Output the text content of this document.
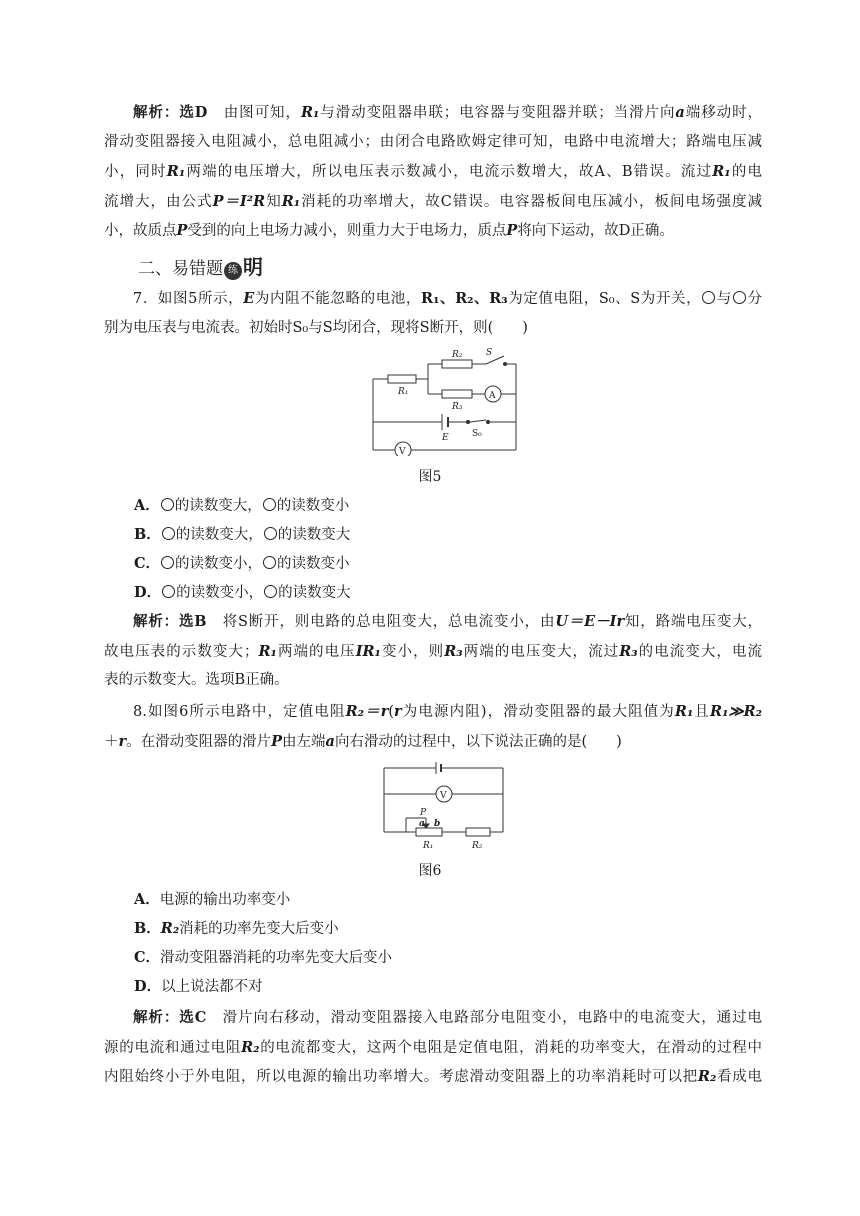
解析：选D　 由图可知，R₁与滑动变阻器串联；电容器与变阻器并联；当滑片向a端移动时，
滑动变阻器接入电阻减小，总电阻减小；由闭合电路欧姆定律可知，电路中电流增大；路端电压减
小，同时R₁两端的电压增大，所以电压表示数减小，电流示数增大，故A、B错误。流过R₁的电
流增大，由公式P＝I²R知R₁消耗的功率增大，故C错误。电容器板间电压减小，板间电场强度减
小，故质点P受到的向上电场力减小，则重力大于电场力，质点P将向下运动，故D正确。
二、易错题 练 明
7．如图5所示，E为内阻不能忽略的电池，R₁、R₂、R₃为定值电阻，S₀、S为开关， 与 分
别为电压表与电流表。初始时S₀与S均闭合，现将S断开，则(　　)
R₂	S
R₁	A
R₃
E	S₀
V
图5
A． 的读数变大， 的读数变小
B． 的读数变大， 的读数变大
C． 的读数变小， 的读数变小
D． 的读数变小， 的读数变大
解析：选B　 将S断开，则电路的总电阻变大，总电流变小，由U＝E－Ir知，路端电压变大，
故电压表的示数变大；R₁两端的电压IR₁变小，则R₃两端的电压变大，流过R₃的电流变大，电流
表的示数变大。选项B正确。
8.如图6所示电路中，定值电阻R₂＝r(r为电源内阻)，滑动变阻器的最大阻值为R₁且R₁≫R₂
＋r。在滑动变阻器的滑片P由左端a向右滑动的过程中，以下说法正确的是(　　)
V
P
a b
R₁	R₂
图6
A．电源的输出功率变小
B．R₂消耗的功率先变大后变小
C．滑动变阻器消耗的功率先变大后变小
D．以上说法都不对
解析：选C　 滑片向右移动，滑动变阻器接入电路部分电阻变小，电路中的电流变大，通过电
源的电流和通过电阻R₂的电流都变大，这两个电阻是定值电阻，消耗的功率变大，在滑动的过程中
内阻始终小于外电阻，所以电源的输出功率增大。考虑滑动变阻器上的功率消耗时可以把R₂看成电
